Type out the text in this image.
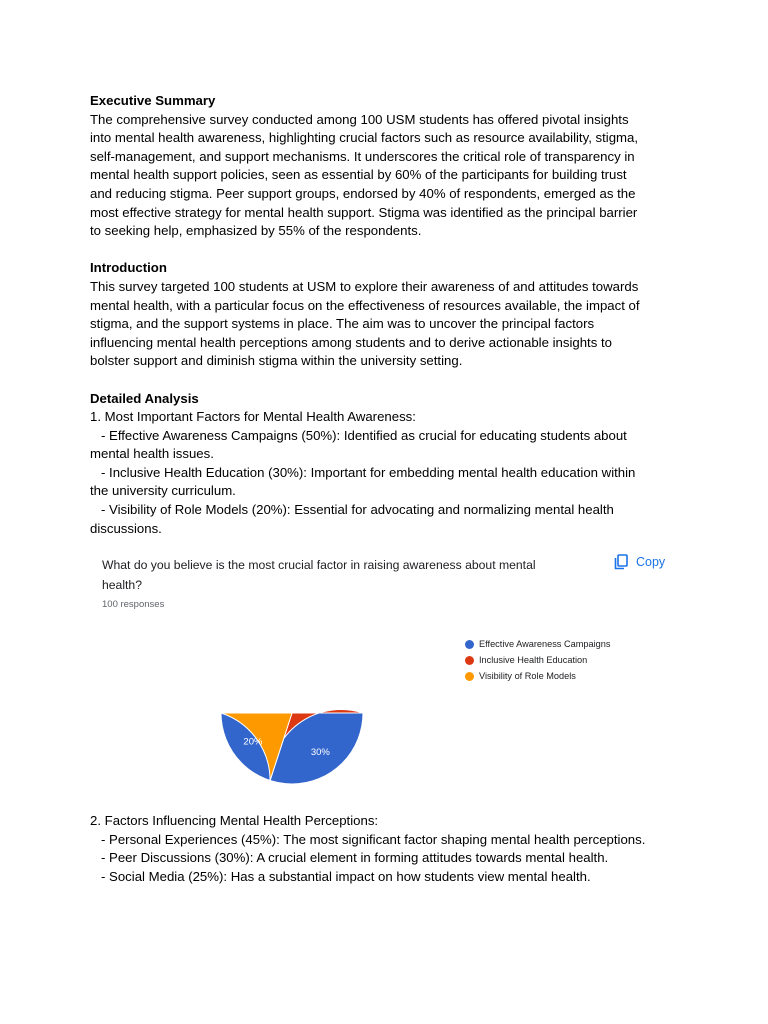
Executive Summary

The comprehensive survey conducted among 100 USM students has offered pivotal insights

into mental health awareness, highlighting crucial factors such as resource availability, stigma,

self-management, and support mechanisms. It underscores the critical role of transparency in

mental health support policies, seen as essential by 60% of the participants for building trust

and reducing stigma. Peer support groups, endorsed by 40% of respondents, emerged as the

most effective strategy for mental health support. Stigma was identified as the principal barrier

to seeking help, emphasized by 55% of the respondents.

Introduction

This survey targeted 100 students at USM to explore their awareness of and attitudes towards

mental health, with a particular focus on the effectiveness of resources available, the impact of

stigma, and the support systems in place. The aim was to uncover the principal factors

influencing mental health perceptions among students and to derive actionable insights to

bolster support and diminish stigma within the university setting.

Detailed Analysis

1. Most Important Factors for Mental Health Awareness:

- Effective Awareness Campaigns (50%): Identified as crucial for educating students about

mental health issues.

- Inclusive Health Education (30%): Important for embedding mental health education within

the university curriculum.

- Visibility of Role Models (20%): Essential for advocating and normalizing mental health

discussions.

What do you believe is the most crucial factor in raising awareness about mental
health?
100 responses
Copy
50%
30%
20%
Effective Awareness Campaigns
Inclusive Health Education
Visibility of Role Models

2. Factors Influencing Mental Health Perceptions:

- Personal Experiences (45%): The most significant factor shaping mental health perceptions.

- Peer Discussions (30%): A crucial element in forming attitudes towards mental health.

- Social Media (25%): Has a substantial impact on how students view mental health.
